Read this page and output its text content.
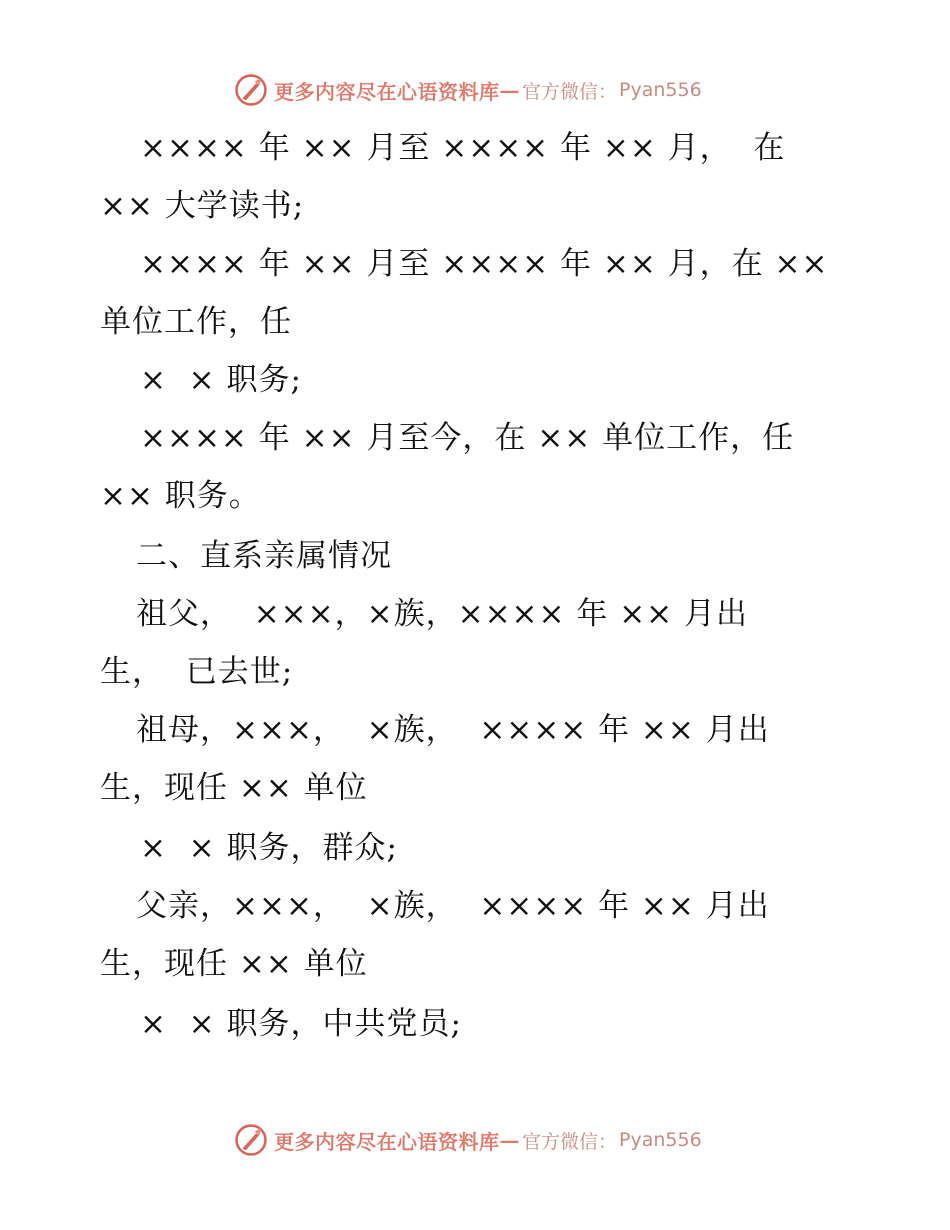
更多内容尽在心语资料库 — 官方微信： Pyan556
×××× 年 ×× 月至 ×××× 年 ×× 月，  在
×× 大学读书;
×××× 年 ×× 月至 ×××× 年 ×× 月，在 ××
单位工作，任
×  × 职务;
×××× 年 ×× 月至今，在 ×× 单位工作，任
×× 职务。
二、直系亲属情况
祖父，  ×××，×族，×××× 年 ×× 月出
生，  已去世;
祖母，×××，  ×族，  ×××× 年 ×× 月出
生，现任 ×× 单位
×  × 职务，群众;
父亲，×××，  ×族，  ×××× 年 ×× 月出
生，现任 ×× 单位
×  × 职务，中共党员;
更多内容尽在心语资料库 — 官方微信： Pyan556
